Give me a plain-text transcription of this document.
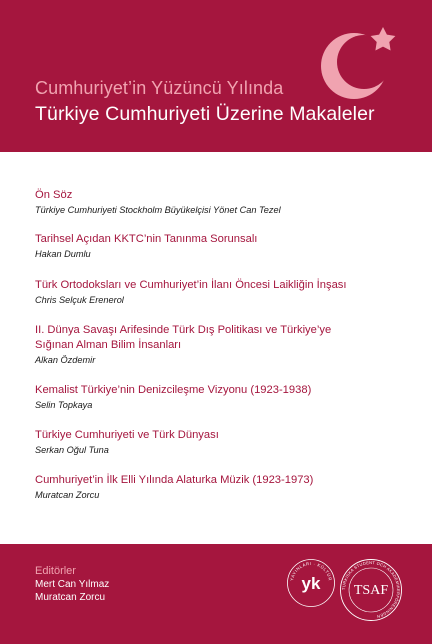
Cumhuriyet’in Yüzüncü Yılında
Türkiye Cumhuriyeti Üzerine Makaleler
Ön Söz
Türkiye Cumhuriyeti Stockholm Büyükelçisi Yönet Can Tezel
Tarihsel Açıdan KKTC’nin Tanınma Sorunsalı
Hakan Dumlu
Türk Ortodoksları ve Cumhuriyet’in İlanı Öncesi Laikliğin İnşası
Chris Selçuk Erenerol
II. Dünya Savaşı Arifesinde Türk Dış Politikası ve Türkiye’ye
Sığınan Alman Bilim İnsanları
Alkan Özdemir
Kemalist Türkiye’nin Denizcileşme Vizyonu (1923-1938)
Selin Topkaya
Türkiye Cumhuriyeti ve Türk Dünyası
Serkan Oğul Tuna
Cumhuriyet’in İlk Elli Yılında Alaturka Müzik (1923-1973)
Muratcan Zorcu
Editörler
Mert Can Yılmaz
Muratcan Zorcu
YAYINLARI · KÜLTÜR
yk	TURKISKA STUDENT OCH AKADEMIKERFÖRENINGEN
TSAF
